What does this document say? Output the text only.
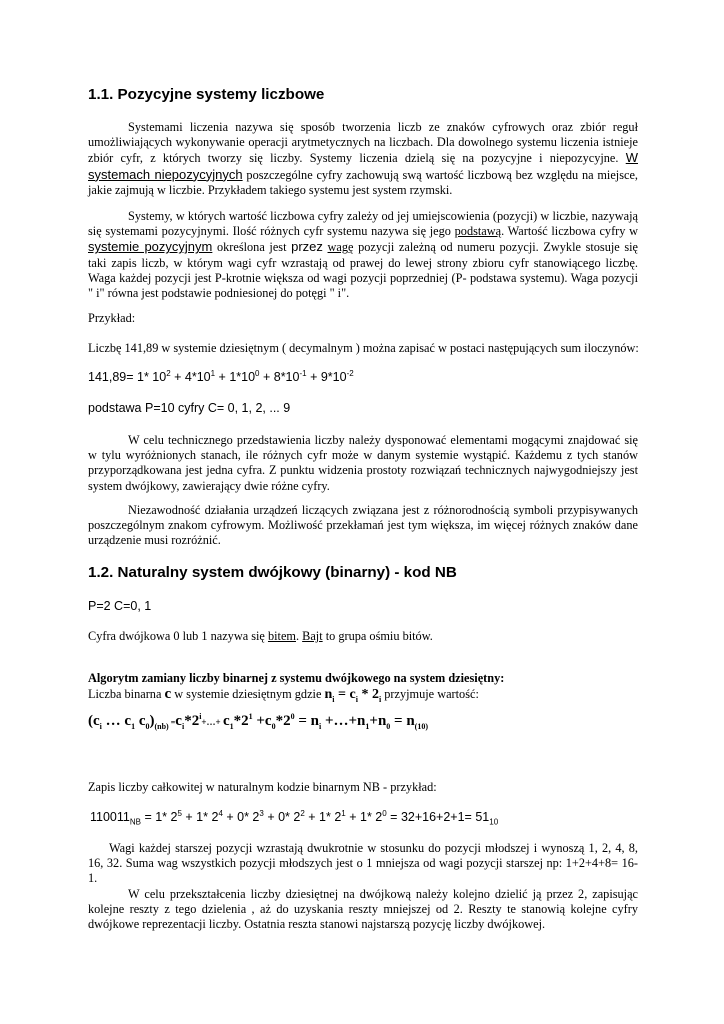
1.1. Pozycyjne systemy liczbowe
Systemami liczenia nazywa się sposób tworzenia liczb ze znaków cyfrowych oraz zbiór reguł umożliwiających wykonywanie operacji arytmetycznych na liczbach. Dla dowolnego systemu liczenia istnieje zbiór cyfr, z których tworzy się liczby. Systemy liczenia dzielą się na pozycyjne i niepozycyjne. W systemach niepozycyjnych poszczególne cyfry zachowują swą wartość liczbową bez względu na miejsce, jakie zajmują w liczbie. Przykładem takiego systemu jest system rzymski.
Systemy, w których wartość liczbowa cyfry zależy od jej umiejscowienia (pozycji) w liczbie, nazywają się systemami pozycyjnymi. Ilość różnych cyfr systemu nazywa się jego podstawą. Wartość liczbowa cyfry w systemie pozycyjnym określona jest przez wagę pozycji zależną od numeru pozycji. Zwykle stosuje się taki zapis liczb, w którym wagi cyfr wzrastają od prawej do lewej strony zbioru cyfr stanowiącego liczbę. Waga każdej pozycji jest P-krotnie większa od wagi pozycji poprzedniej (P- podstawa systemu). Waga pozycji " i" równa jest podstawie podniesionej do potęgi " i".
Przykład:
Liczbę 141,89 w systemie dziesiętnym ( decymalnym ) można zapisać w postaci następujących sum iloczynów:
141,89= 1* $10^2 + 4*10^1 + 1*10^0 + 8*10^{-1} + 9*10^{-2}$
podstawa P=10 cyfry C= 0, 1, 2, ... 9
W celu technicznego przedstawienia liczby należy dysponować elementami mogącymi znajdować się w tylu wyróżnionych stanach, ile różnych cyfr może w danym systemie wystąpić. Każdemu z tych stanów przyporządkowana jest jedna cyfra. Z punktu widzenia prostoty rozwiązań technicznych najwygodniejszy jest system dwójkowy, zawierający dwie różne cyfry.
Niezawodność działania urządzeń liczących związana jest z różnorodnością symboli przypisywanych poszczególnym znakom cyfrowym. Możliwość przekłamań jest tym większa, im więcej różnych znaków dane urządzenie musi rozróżnić.
1.2. Naturalny system dwójkowy (binarny) - kod NB
P=2 C=0, 1
Cyfra dwójkowa 0 lub 1 nazywa się bitem. Bajt to grupa ośmiu bitów.
Algorytm zamiany liczby binarnej z systemu dwójkowego na system dziesiętny:
Liczba binarna c w systemie dziesiętnym gdzie $n_i = c_i * 2_i$ przyjmuje wartość:
($c_i$ … $c_1$ $c_0)_{(nb)}$ $=c_i*2^i+\dots+ c_1*2^1 +c_0*2^0 = n_i$ $+\dots+n_1+n_0 = n_{(10)}$
Zapis liczby całkowitej w naturalnym kodzie binarnym NB - przykład:
$110011_{NB} = 1*$ $2^5 + 1*$ $2^4 + 0*$ $2^3 + 0*$ $2^2 + 1*$ $2^1 + 1*$ $2^0 = 32+16+2+1= 51_{10}$
Wagi każdej starszej pozycji wzrastają dwukrotnie w stosunku do pozycji młodszej i wynoszą 1, 2, 4, 8, 16, 32. Suma wag wszystkich pozycji młodszych jest o 1 mniejsza od wagi pozycji starszej np: 1+2+4+8= 16-1.
W celu przekształcenia liczby dziesiętnej na dwójkową należy kolejno dzielić ją przez 2, zapisując kolejne reszty z tego dzielenia , aż do uzyskania reszty mniejszej od 2. Reszty te stanowią kolejne cyfry dwójkowe reprezentacji liczby. Ostatnia reszta stanowi najstarszą pozycję liczby dwójkowej.
